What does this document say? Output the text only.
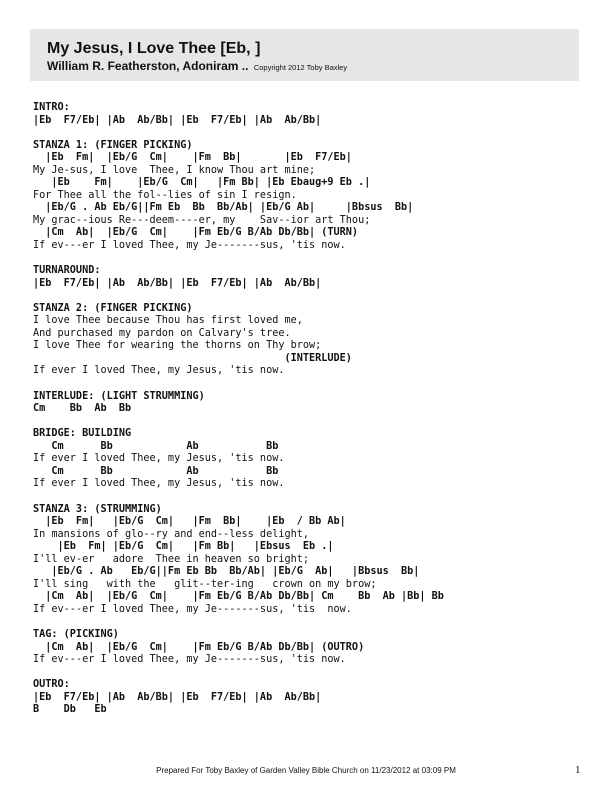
My Jesus, I Love Thee [Eb, ]
William R. Featherston, Adoniram .. Copyright 2012 Toby Baxley
INTRO:
|Eb  F7/Eb| |Ab  Ab/Bb| |Eb  F7/Eb| |Ab  Ab/Bb|
STANZA 1: (FINGER PICKING)
|Eb  Fm|  |Eb/G  Cm|    |Fm  Bb|       |Eb  F7/Eb|
My Je-sus, I love  Thee, I know Thou art mine;
|Eb    Fm|    |Eb/G  Cm|   |Fm Bb| |Eb Ebaug+9 Eb .|
For Thee all the fol--lies of sin I resign.
|Eb/G . Ab Eb/G||Fm Eb  Bb  Bb/Ab| |Eb/G Ab|     |Bbsus  Bb|
My grac--ious Re---deem----er, my    Sav--ior art Thou;
|Cm  Ab|  |Eb/G  Cm|    |Fm Eb/G B/Ab Db/Bb| (TURN)
If ev---er I loved Thee, my Je-------sus, 'tis now.
TURNAROUND:
|Eb  F7/Eb| |Ab  Ab/Bb| |Eb  F7/Eb| |Ab  Ab/Bb|
STANZA 2: (FINGER PICKING)
I love Thee because Thou has first loved me,
And purchased my pardon on Calvary's tree.
I love Thee for wearing the thorns on Thy brow;
(INTERLUDE)
If ever I loved Thee, my Jesus, 'tis now.
INTERLUDE: (LIGHT STRUMMING)
Cm    Bb  Ab  Bb
BRIDGE: BUILDING
Cm      Bb            Ab           Bb
If ever I loved Thee, my Jesus, 'tis now.
Cm      Bb            Ab           Bb
If ever I loved Thee, my Jesus, 'tis now.
STANZA 3: (STRUMMING)
|Eb  Fm|   |Eb/G  Cm|   |Fm  Bb|    |Eb  / Bb Ab|
In mansions of glo--ry and end--less delight,
|Eb  Fm| |Eb/G  Cm|   |Fm Bb|   |Ebsus  Eb .|
I'll ev-er   adore  Thee in heaven so bright;
|Eb/G . Ab   Eb/G||Fm Eb Bb  Bb/Ab| |Eb/G  Ab|   |Bbsus  Bb|
I'll sing   with the   glit--ter-ing   crown on my brow;
|Cm  Ab|  |Eb/G  Cm|    |Fm Eb/G B/Ab Db/Bb| Cm    Bb  Ab |Bb| Bb
If ev---er I loved Thee, my Je-------sus, 'tis  now.
TAG: (PICKING)
|Cm  Ab|  |Eb/G  Cm|    |Fm Eb/G B/Ab Db/Bb| (OUTRO)
If ev---er I loved Thee, my Je-------sus, 'tis now.
OUTRO:
|Eb  F7/Eb| |Ab  Ab/Bb| |Eb  F7/Eb| |Ab  Ab/Bb|
B    Db   Eb
Prepared For Toby Baxley of Garden Valley Bible Church on 11/23/2012 at 03:09 PM	1
